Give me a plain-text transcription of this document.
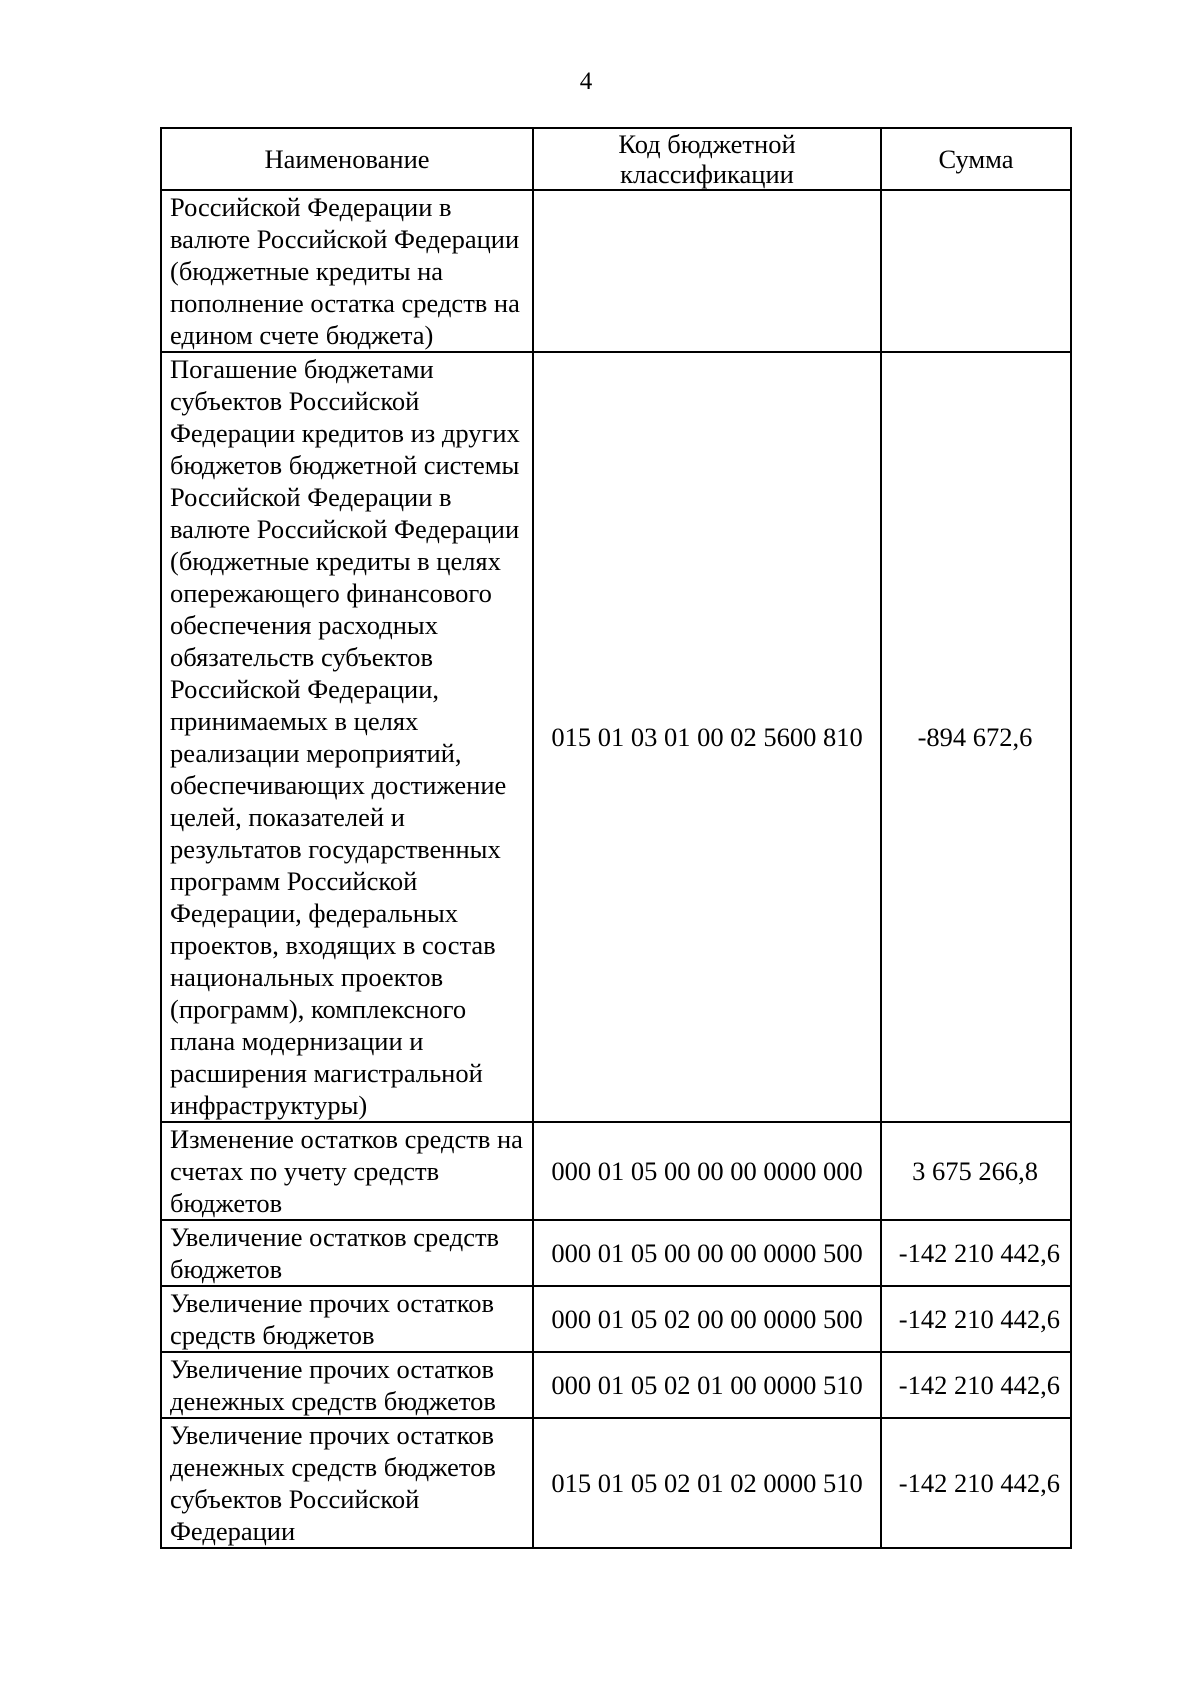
4
Наименование	Код бюджетной классификации	Сумма
Российской Федерации в валюте Российской Федерации (бюджетные кредиты на пополнение остатка средств на едином счете бюджета)		
Погашение бюджетами субъектов Российской Федерации кредитов из других бюджетов бюджетной системы Российской Федерации в валюте Российской Федерации (бюджетные кредиты в целях опережающего финансового обеспечения расходных обязательств субъектов Российской Федерации, принимаемых в целях реализации мероприятий, обеспечивающих достижение целей, показателей и результатов государственных программ Российской Федерации, федеральных проектов, входящих в состав национальных проектов (программ), комплексного плана модернизации и расширения магистральной инфраструктуры)	015 01 03 01 00 02 5600 810	-894 672,6
Изменение остатков средств на счетах по учету средств бюджетов	000 01 05 00 00 00 0000 000	3 675 266,8
Увеличение остатков средств бюджетов	000 01 05 00 00 00 0000 500	-142 210 442,6
Увеличение прочих остатков средств бюджетов	000 01 05 02 00 00 0000 500	-142 210 442,6
Увеличение прочих остатков денежных средств бюджетов	000 01 05 02 01 00 0000 510	-142 210 442,6
Увеличение прочих остатков денежных средств бюджетов субъектов Российской Федерации	015 01 05 02 01 02 0000 510	-142 210 442,6
